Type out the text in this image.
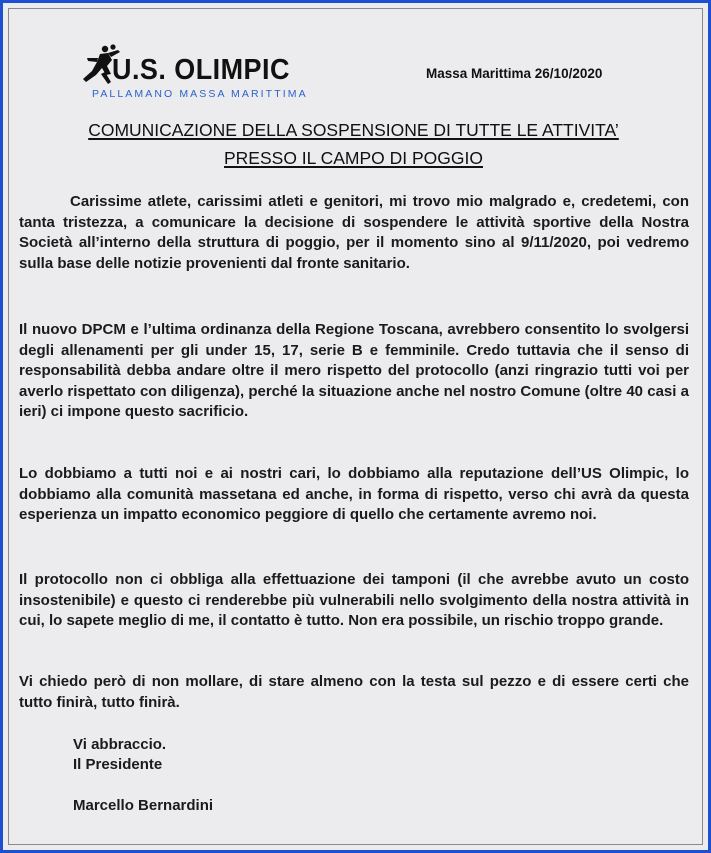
U.S. OLIMPIC
PALLAMANO MASSA MARITTIMA
Massa Marittima 26/10/2020
COMUNICAZIONE DELLA SOSPENSIONE DI TUTTE LE ATTIVITA’
PRESSO IL CAMPO DI POGGIO

Carissime atlete, carissimi atleti e genitori, mi trovo mio malgrado e, credetemi, con tanta tristezza, a comunicare la decisione di sospendere le attività sportive della Nostra Società all’interno della struttura di poggio, per il momento sino al 9/11/2020, poi vedremo sulla base delle notizie provenienti dal fronte sanitario.

Il nuovo DPCM e l’ultima ordinanza della Regione Toscana, avrebbero consentito lo svolgersi degli allenamenti per gli under 15, 17, serie B e femminile. Credo tuttavia che il senso di responsabilità debba andare oltre il mero rispetto del protocollo (anzi ringrazio tutti voi per averlo rispettato con diligenza), perché la situazione anche nel nostro Comune (oltre 40 casi a ieri) ci impone questo sacrificio.

Lo dobbiamo a tutti noi e ai nostri cari, lo dobbiamo alla reputazione dell’US Olimpic, lo dobbiamo alla comunità massetana ed anche, in forma di rispetto, verso chi avrà da questa esperienza un impatto economico peggiore di quello che certamente avremo noi.

Il protocollo non ci obbliga alla effettuazione dei tamponi (il che avrebbe avuto un costo insostenibile) e questo ci renderebbe più vulnerabili nello svolgimento della nostra attività in cui, lo sapete meglio di me, il contatto è tutto. Non era possibile, un rischio troppo grande.

Vi chiedo però di non mollare, di stare almeno con la testa sul pezzo e di essere certi che tutto finirà, tutto finirà.

Vi abbraccio.
Il Presidente
Marcello Bernardini
